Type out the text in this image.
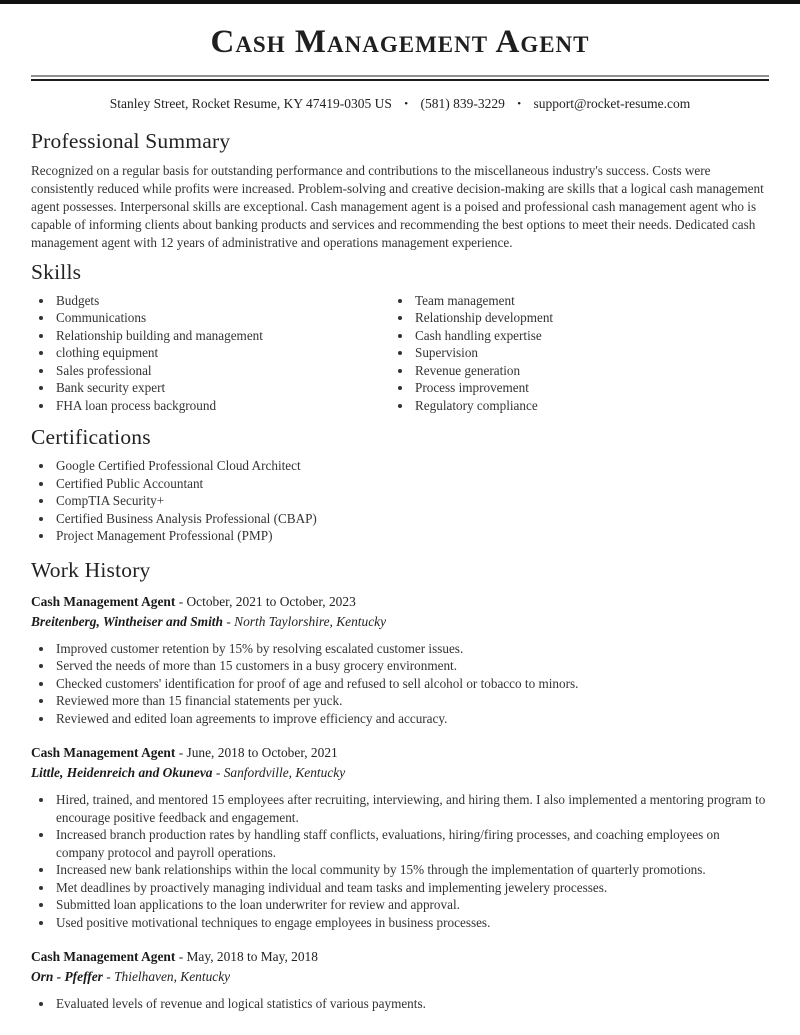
Cash Management Agent
Stanley Street, Rocket Resume, KY 47419-0305 US • (581) 839-3229 • support@rocket-resume.com
Professional Summary

Recognized on a regular basis for outstanding performance and contributions to the miscellaneous industry's success. Costs were consistently reduced while profits were increased. Problem-solving and creative decision-making are skills that a logical cash management agent possesses. Interpersonal skills are exceptional. Cash management agent is a poised and professional cash management agent who is capable of informing clients about banking products and services and recommending the best options to meet their needs. Dedicated cash management agent with 12 years of administrative and operations management experience.

Skills
• Budgets
• Communications
• Relationship building and management
• clothing equipment
• Sales professional
• Bank security expert
• FHA loan process background
• Team management
• Relationship development
• Cash handling expertise
• Supervision
• Revenue generation
• Process improvement
• Regulatory compliance
Certifications
• Google Certified Professional Cloud Architect
• Certified Public Accountant
• CompTIA Security+
• Certified Business Analysis Professional (CBAP)
• Project Management Professional (PMP)
Work History
Cash Management Agent - October, 2021 to October, 2023
Breitenberg, Wintheiser and Smith - North Taylorshire, Kentucky
• Improved customer retention by 15% by resolving escalated customer issues.
• Served the needs of more than 15 customers in a busy grocery environment.
• Checked customers' identification for proof of age and refused to sell alcohol or tobacco to minors.
• Reviewed more than 15 financial statements per yuck.
• Reviewed and edited loan agreements to improve efficiency and accuracy.
Cash Management Agent - June, 2018 to October, 2021
Little, Heidenreich and Okuneva - Sanfordville, Kentucky
• Hired, trained, and mentored 15 employees after recruiting, interviewing, and hiring them. I also implemented a mentoring program to encourage positive feedback and engagement.
• Increased branch production rates by handling staff conflicts, evaluations, hiring/firing processes, and coaching employees on company protocol and payroll operations.
• Increased new bank relationships within the local community by 15% through the implementation of quarterly promotions.
• Met deadlines by proactively managing individual and team tasks and implementing jewelery processes.
• Submitted loan applications to the loan underwriter for review and approval.
• Used positive motivational techniques to engage employees in business processes.
Cash Management Agent - May, 2018 to May, 2018
Orn - Pfeffer - Thielhaven, Kentucky
• Evaluated levels of revenue and logical statistics of various payments.
